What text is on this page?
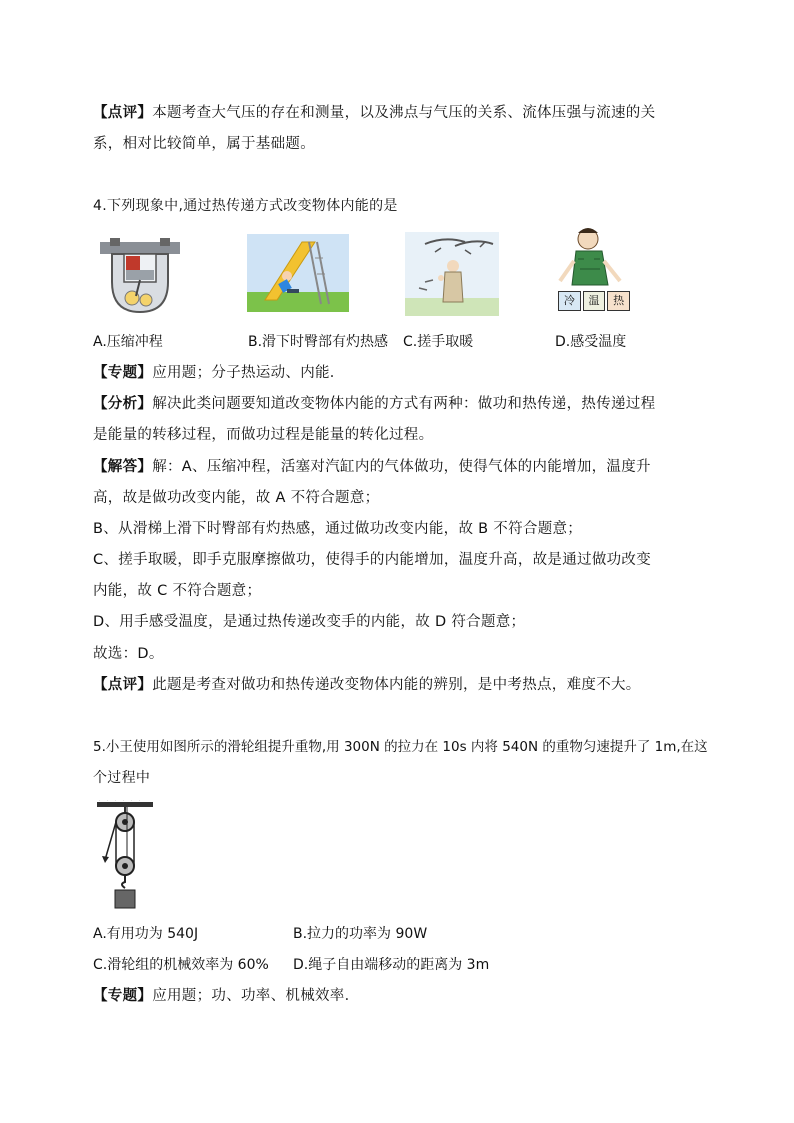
【点评】本题考查大气压的存在和测量，以及沸点与气压的关系、流体压强与流速的关
系，相对比较简单，属于基础题。
4.下列现象中,通过热传递方式改变物体内能的是
冷	温	热
A.压缩冲程	B.滑下时臀部有灼热感 C.搓手取暖	D.感受温度
【专题】应用题；分子热运动、内能．
【分析】解决此类问题要知道改变物体内能的方式有两种：做功和热传递，热传递过程
是能量的转移过程，而做功过程是能量的转化过程。
【解答】解：A、压缩冲程，活塞对汽缸内的气体做功，使得气体的内能增加，温度升
高，故是做功改变内能，故 A 不符合题意；
B、从滑梯上滑下时臀部有灼热感，通过做功改变内能，故 B 不符合题意；
C、搓手取暖，即手克服摩擦做功，使得手的内能增加，温度升高，故是通过做功改变
内能，故 C 不符合题意；
D、用手感受温度，是通过热传递改变手的内能，故 D 符合题意；
故选：D。
【点评】此题是考查对做功和热传递改变物体内能的辨别，是中考热点，难度不大。
5.小王使用如图所示的滑轮组提升重物,用 300N 的拉力在 10s 内将 540N 的重物匀速提升了 1m,在这
个过程中
A.有用功为 540J	B.拉力的功率为 90W
C.滑轮组的机械效率为 60% D.绳子自由端移动的距离为 3m
【专题】应用题；功、功率、机械效率．
